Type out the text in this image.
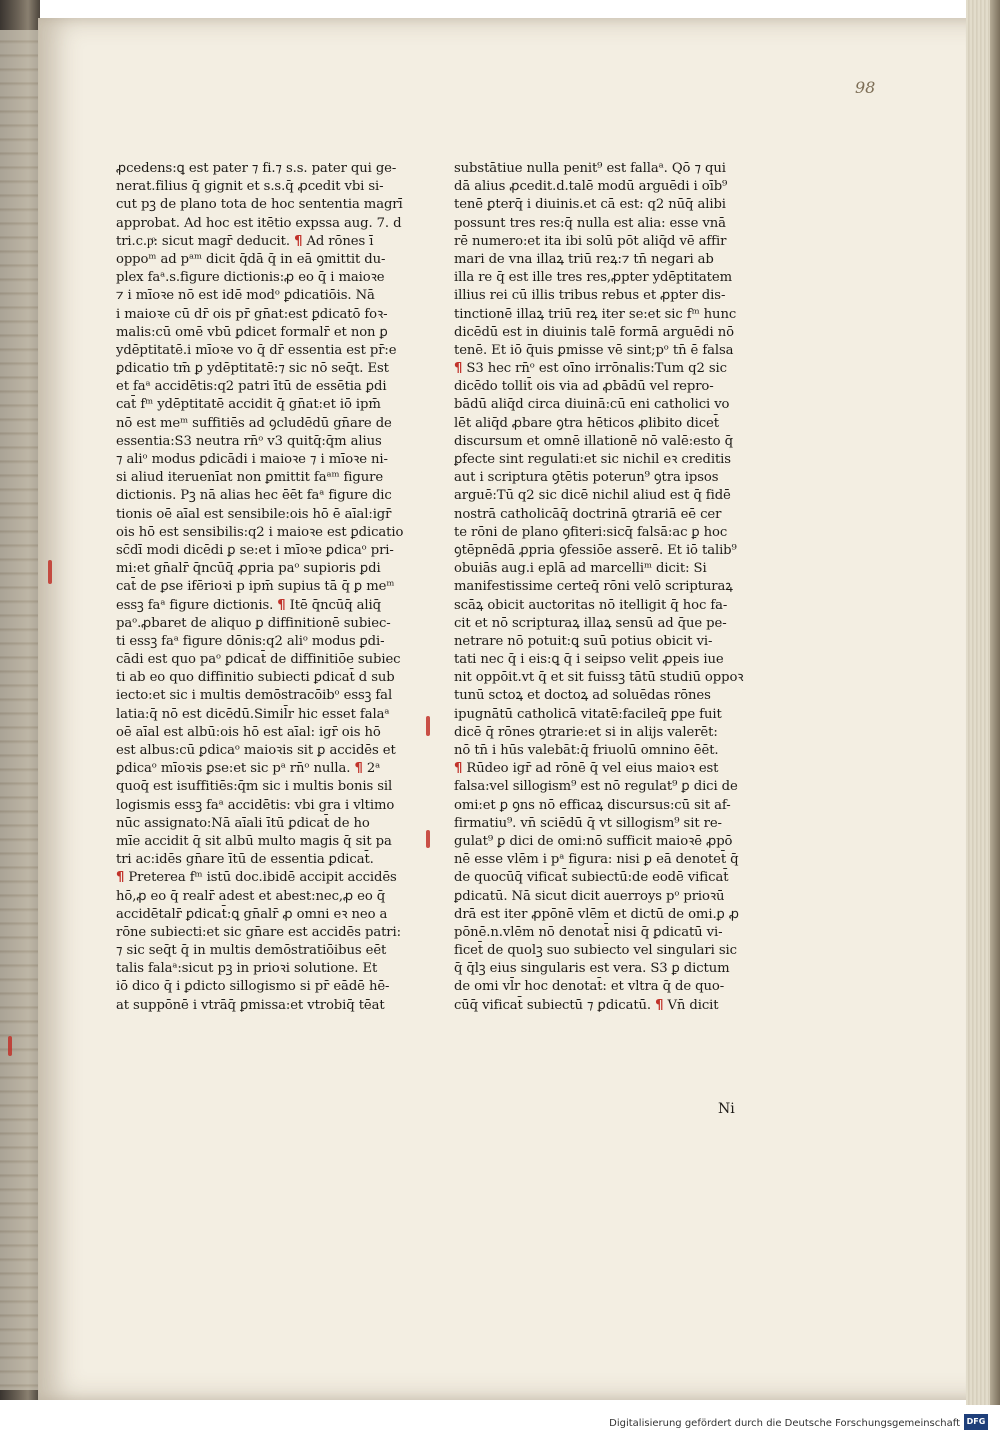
98
ꝓcedens:ꝗ est pater ⁊ fi.⁊ s.s. pater qui ge-
nerat.filius q̄ gignit et s.s.q̄ ꝓcedit vbi si-
cut pꝫ de plano tota de hoc sententia magrī
approbat. Ad hoc est itētio expssa aug. 7. d
tri.c.pͦ: sicut magr̄ deducit. ¶ Ad rōnes ī
oppoᵐ ad pᵃᵐ dicit q̄dā q̄ in eā ꝯmittit du-
plex faᵃ.s.figure dictionis:ꝓ eo q̄ i maioꝛe
⁊ i mīoꝛe nō est idē modᵒ ꝑdicatiōis. Nā
i maioꝛe cū dr̄ ois pr̄ gn̄at:est ꝑdicatō foꝛ-
malis:cū omē vbū ꝑdicet formalr̄ et non ꝑ
ydēptitatē.i mīoꝛe vo q̄ dr̄ essentia est pr̄:e
ꝑdicatio tm̄ ꝑ ydēptitatē:⁊ sic nō seq̄t. Est
et faᵃ accidētis:q2 patri ītū de essētia ꝑdi
cat̄ fᵐ ydēptitatē accidit q̄ gn̄at:et iō ipm̄
nō est meᵐ suffitiēs ad ꝯcludēdū gn̄are de
essentia:S3 neutra rn̄ᵒ v3 quitq̄:q̄m alius
⁊ aliᵒ modus ꝑdicādi i maioꝛe ⁊ i mīoꝛe ni-
si aliud iteruenīat non ꝑmittit faᵃᵐ figure
dictionis. Pꝫ nā alias hec ēēt faᵃ figure dic
tionis oē aīal est sensibile:ois hō ē aīal:igr̄
ois hō est sensibilis:q2 i maioꝛe est ꝑdicatio
sc̄dī modi dicēdi ꝑ se:et i mīoꝛe ꝑdicaᵒ pri-
mi:et gn̄alr̄ q̄ncūq̄ ꝓpria paᵒ supioris ꝑdi
cat̄ de ꝑse ifērioꝛi p ipm̄ supius tā q̄ ꝑ meᵐ
essꝫ faᵃ figure dictionis. ¶ Itē q̄ncūq̄ aliq̄
paᵒ.ꝓbaret de aliquo ꝑ diffinitionē subiec-
ti essꝫ faᵃ figure dōnis:q2 aliᵒ modus ꝑdi-
cādi est quo paᵒ ꝑdicat̄ de diffinitiōe subiec
ti ab eo quo diffinitio subiecti ꝑdicat̄ d sub
iecto:et sic i multis demōstracōibᵒ essꝫ fal
latia:q̄ nō est dicēdū.Simil̄r hic esset falaᵃ
oē aīal est albū:ois hō est aīal: igr̄ ois hō
est albus:cū ꝑdicaᵒ maioꝛis sit ꝑ accidēs et
ꝑdicaᵒ mīoꝛis ꝑse:et sic pᵃ rn̄ᵒ nulla. ¶ 2ᵃ
quoq̄ est isuffitiēs:q̄m sic i multis bonis sil
logismis essꝫ faᵃ accidētis: vbi gra i vltimo
nūc assignato:Nā aīali ītū ꝑdicat̄ de ho
mīe accidit q̄ sit albū multo magis q̄ sit pa
tri ac:idēs gn̄are ītū de essentia ꝑdicat̄.
¶ Preterea fᵐ istū doc.ibidē accipit accidēs
hō,ꝓ eo q̄ realr̄ adest et abest:nec,ꝓ eo q̄
accidētalr̄ ꝑdicat̄:ꝗ gn̄alr̄ ꝓ omni eꝛ neo a
rōne subiecti:et sic gn̄are est accidēs patri:
⁊ sic seq̄t q̄ in multis demōstratiōibus eēt
talis falaᵃ:sicut pꝫ in prioꝛi solutione. Et
iō dico q̄ i ꝑdicto sillogismo si pr̄ eādē hē-
at suppōnē i vtrāq̄ ꝑmissa:et vtrobiq̄ tēat
substātiue nulla penit⁹ est fallaᵃ. Qō ⁊ qui
dā alius ꝓcedit.d.talē modū arguēdi i oīb⁹
tenē ꝑterq̄ i diuinis.et cā est: q2 nūq̄ alibi
possunt tres res:q̄ nulla est alia: esse vnā
rē numero:et ita ibi solū pōt aliq̄d vē affir
mari de vna illaꝝ triū reꝝ:⁊ tn̄ negari ab
illa re q̄ est ille tres res,ꝓpter ydēptitatem
illius rei cū illis tribus rebus et ꝓpter dis-
tinctionē illaꝝ triū reꝝ iter se:et sic fᵐ hunc
dicēdū est in diuinis talē formā arguēdi nō
tenē. Et iō q̄uis ꝑmisse vē sint;pᵒ tn̄ ē falsa
¶ S3 hec rn̄ᵒ est oīno irrōnalis:Tum q2 sic
dicēdo tollit̄ ois via ad ꝓbādū vel repro-
bādū aliq̄d circa diuinā:cū eni catholici vo
lēt aliq̄d ꝓbare ꝯtra hēticos ꝓlibito dicet̄
discursum et omnē illationē nō valē:esto q̄
ꝑfecte sint regulati:et sic nichil eꝛ creditis
aut i scriptura ꝯtētis poterun⁹ ꝯtra ipsos
arguē:Tū q2 sic dicē nichil aliud est q̄ fidē
nostrā catholicāq̄ doctrinā ꝯtrariā eē cer
te rōni de plano ꝯfiteri:sicq̄ falsā:ac ꝑ hoc
ꝯtēpnēdā ꝓpria ꝯfessiōe asserē. Et iō talib⁹
obuiās aug.i eplā ad marcelliᵐ dicit: Si
manifestissime certeq̄ rōni velō scripturaꝝ
scāꝝ obicit auctoritas nō itelligit q̄ hoc fa-
cit et nō scripturaꝝ illaꝝ sensū ad q̄ue pe-
netrare nō potuit:ꝗ suū potius obicit vi-
tati nec q̄ i eis:ꝗ q̄ i seipso velit ꝓpeis iue
nit oppōit.vt q̄ et sit fuissꝫ tātū studiū oppoꝛ
tunū sctoꝝ et doctoꝝ ad soluēdas rōnes
ipugnātū catholicā vitatē:facileq̄ ꝑpe fuit
dicē q̄ rōnes ꝯtrarie:et si in alijs valerēt:
nō tn̄ i hūs valebāt:q̄ friuolū omnino ēēt.
¶ Rūdeo igr̄ ad rōnē q̄ vel eius maioꝛ est
falsa:vel sillogism⁹ est nō regulat⁹ ꝑ dici de
omi:et ꝑ ꝯns nō efficaꝝ discursus:cū sit af-
firmatiu⁹. vn̄ sciēdū q̄ vt sillogism⁹ sit re-
gulat⁹ ꝑ dici de omi:nō sufficit maioꝛē ꝓpō
nē esse vlēm i pᵃ figura: nisi ꝑ eā denotet̄ q̄
de quocūq̄ vificat̄ subiectū:de eodē vificat̄
ꝑdicatū. Nā sicut dicit auerroys pᵒ prioꝛū
drā est iter ꝓpōnē vlēm et dictū de omi.ꝑ ꝓ
pōnē.n.vlēm nō denotat̄ nisi q̄ ꝑdicatū vi-
ficet̄ de quolꝫ suo subiecto vel singulari sic
q̄ q̄lꝫ eius singularis est vera. S3 ꝑ dictum
de omi vl̄r hoc denotat̄: et vltra q̄ de quo-
cūq̄ vificat̄ subiectū ⁊ ꝑdicatū. ¶ Vn̄ dicit
Ni
Digitalisierung gefördert durch die Deutsche Forschungsgemeinschaft DFG
